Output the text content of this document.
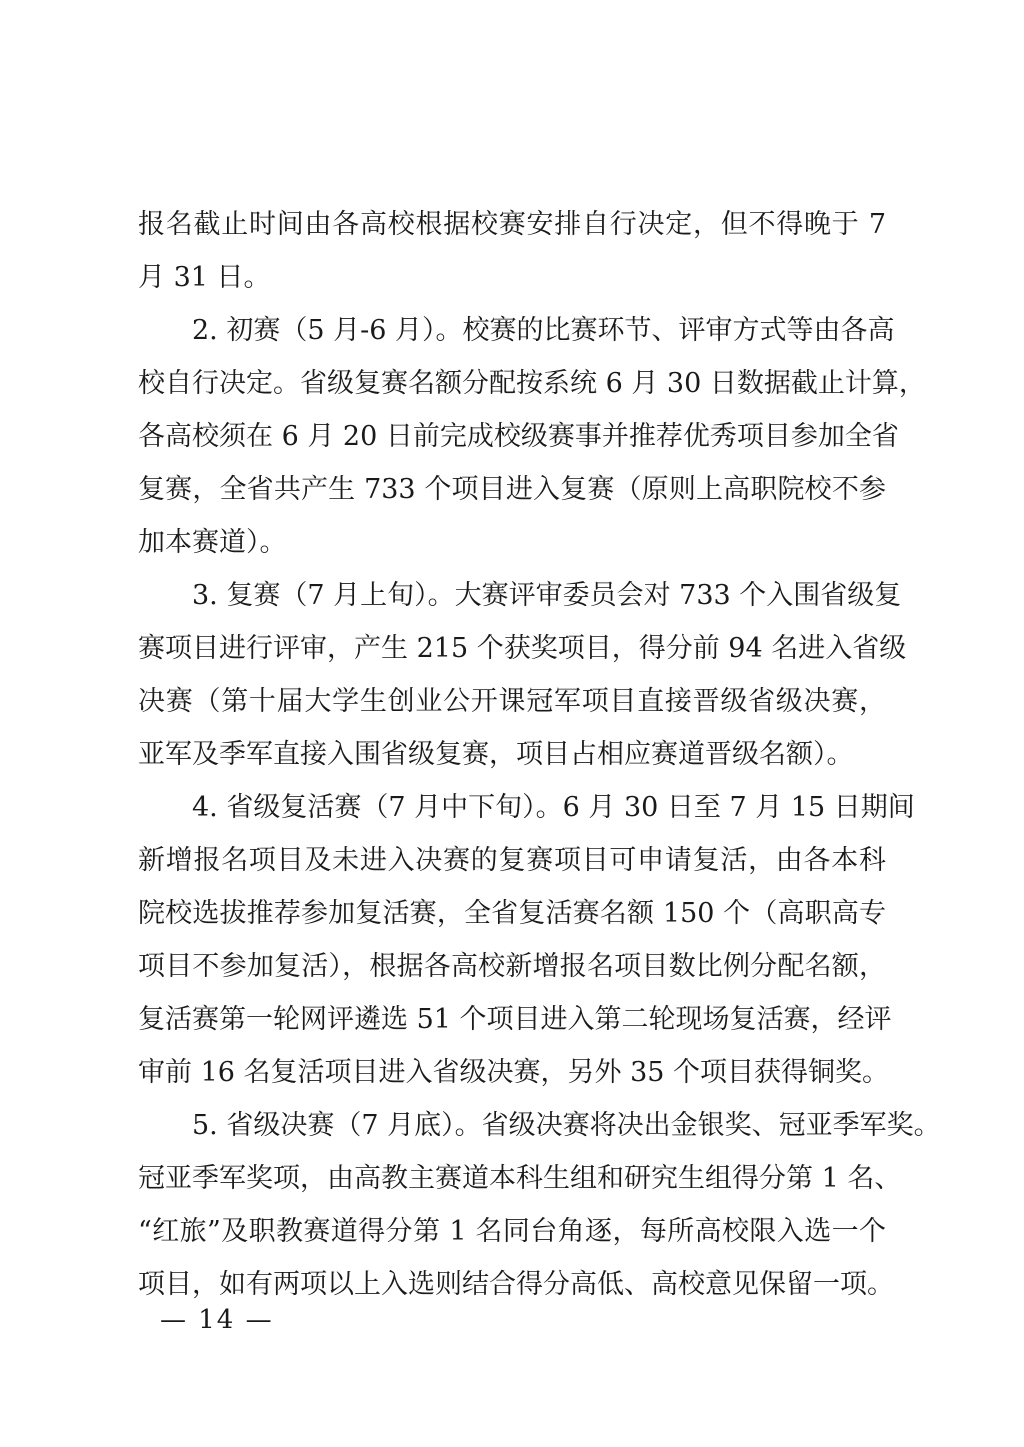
报名截止时间由各高校根据校赛安排自行决定，但不得晚于 7
月 31 日。
2. 初赛（5 月-6 月）。校赛的比赛环节、评审方式等由各高
校自行决定。省级复赛名额分配按系统 6 月 30 日数据截止计算，
各高校须在 6 月 20 日前完成校级赛事并推荐优秀项目参加全省
复赛，全省共产生 733 个项目进入复赛（原则上高职院校不参
加本赛道）。
3. 复赛（7 月上旬）。大赛评审委员会对 733 个入围省级复
赛项目进行评审，产生 215 个获奖项目，得分前 94 名进入省级
决赛（第十届大学生创业公开课冠军项目直接晋级省级决赛，
亚军及季军直接入围省级复赛，项目占相应赛道晋级名额）。
4. 省级复活赛（7 月中下旬）。6 月 30 日至 7 月 15 日期间
新增报名项目及未进入决赛的复赛项目可申请复活，由各本科
院校选拔推荐参加复活赛，全省复活赛名额 150 个（高职高专
项目不参加复活），根据各高校新增报名项目数比例分配名额，
复活赛第一轮网评遴选 51 个项目进入第二轮现场复活赛，经评
审前 16 名复活项目进入省级决赛，另外 35 个项目获得铜奖。
5. 省级决赛（7 月底）。省级决赛将决出金银奖、冠亚季军奖。
冠亚季军奖项，由高教主赛道本科生组和研究生组得分第 1 名、
“红旅”及职教赛道得分第 1 名同台角逐，每所高校限入选一个
项目，如有两项以上入选则结合得分高低、高校意见保留一项。
— 14 —
